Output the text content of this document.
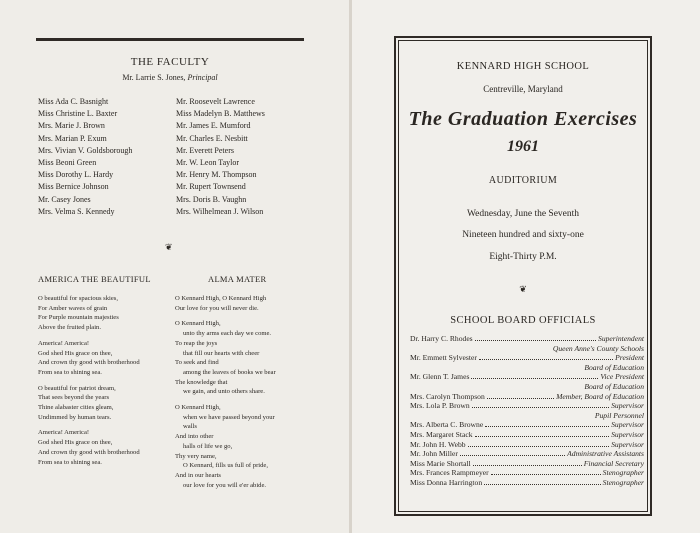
THE FACULTY
Mr. Larrie S. Jones, Principal
Miss Ada C. Basnight
Miss Christine L. Baxter
Mrs. Marie J. Brown
Mrs. Marian P. Exum
Mrs. Vivian V. Goldsborough
Miss Beoni Green
Miss Dorothy L. Hardy
Miss Bernice Johnson
Mr. Casey Jones
Mrs. Velma S. Kennedy
Mr. Roosevelt Lawrence
Miss Madelyn B. Matthews
Mr. James E. Mumford
Mr. Charles E. Nesbitt
Mr. Everett Peters
Mr. W. Leon Taylor
Mr. Henry M. Thompson
Mr. Rupert Townsend
Mrs. Doris B. Vaughn
Mrs. Wilhelmean J. Wilson
❦
AMERICA THE BEAUTIFUL	ALMA MATER
O beautiful for spacious skies,
For Amber waves of grain
For Purple mountain majesties
Above the fruited plain.
America! America!
God shed His grace on thee,
And crown thy good with brotherhood
From sea to shining sea.
O beautiful for patriot dream,
That sees beyond the years
Thine alabaster cities gleam,
Undimmed by human tears.
America! America!
God shed His grace on thee,
And crown thy good with brotherhood
From sea to shining sea.
O Kennard High, O Kennard High
Our love for you will never die.
O Kennard High,
unto thy arms each day we come.
To reap the joys
that fill our hearts with cheer
To seek and find
among the leaves of books we bear
The knowledge that
we gain, and unto others share.
O Kennard High,
when we have passed beyond your
walls
And into other
halls of life we go,
Thy very name,
O Kennard, fills us full of pride,
And in our hearts
our love for you will e'er abide.
KENNARD HIGH SCHOOL
Centreville, Maryland
The Graduation Exercises
1961
AUDITORIUM
Wednesday, June the Seventh
Nineteen hundred and sixty-one
Eight-Thirty P.M.
❦
SCHOOL BOARD OFFICIALS
Dr. Harry C. Rhodes	Superintendent
Queen Anne's County Schools
Mr. Emmett Sylvester	President
Board of Education
Mr. Glenn T. James	Vice President
Board of Education
Mrs. Carolyn Thompson	Member, Board of Education
Mrs. Lola P. Brown	Supervisor
Pupil Personnel
Mrs. Alberta C. Browne	Supervisor
Mrs. Margaret Stack	Supervisor
Mr. John H. Webb	Supervisor
Mr. John Miller	Administrative Assistants
Miss Marie Shortall	Financial Secretary
Mrs. Frances Rampmeyer	Stenographer
Miss Donna Harrington	Stenographer
